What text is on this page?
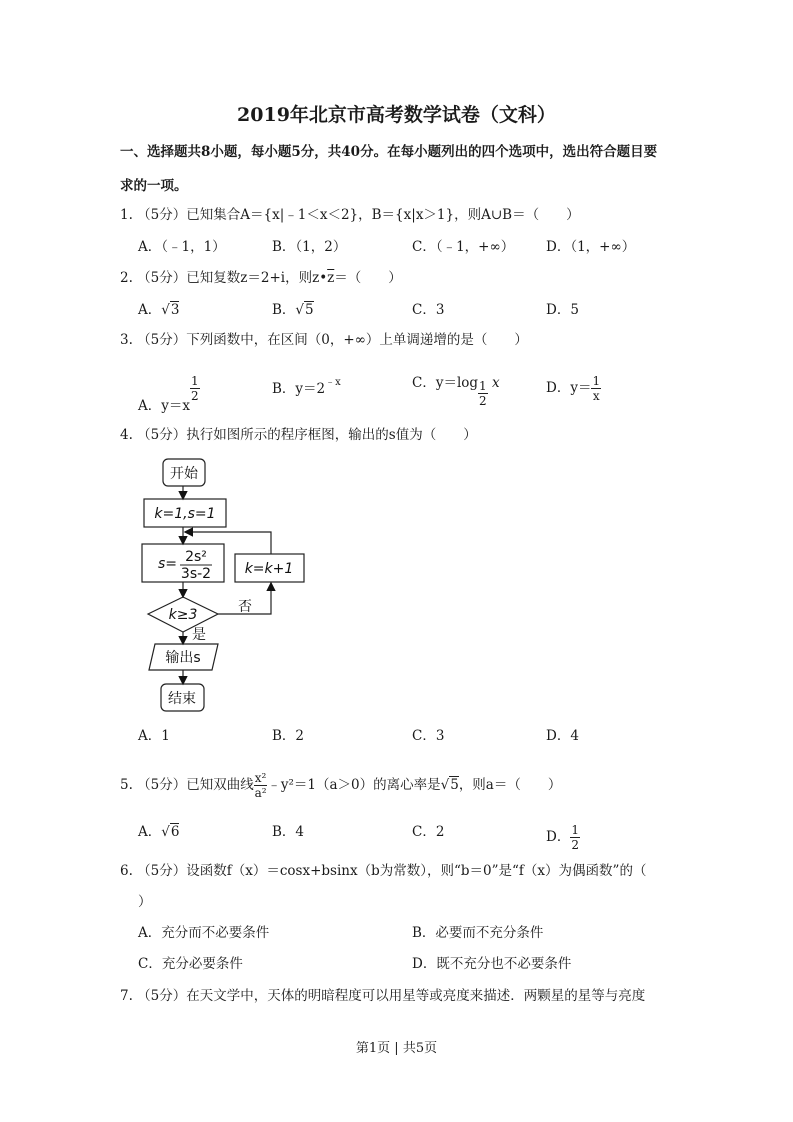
2019年北京市高考数学试卷（文科）
一、选择题共8小题，每小题5分，共40分。在每小题列出的四个选项中，选出符合题目要
求的一项。
1. （5分）已知集合A＝{x|﹣1＜x＜2}，B＝{x|x＞1}，则A∪B＝（　　）
A．（﹣1，1）	B．（1，2）	C．（﹣1，+∞） D．（1，+∞）
2. （5分）已知复数z＝2+i，则$z•\overline{z}=$（　　）
A．√3	B．√5	C．3	D．5
3. （5分）下列函数中，在区间（0，+∞）上单调递增的是（　　）
A．y＝x
$\frac{1}{2}$	B．$y=2^{﹣x}$	C．$y=\log \frac{1}{2}$ x	D．$y= \frac{1}{x}$
4. （5分）执行如图所示的程序框图，输出的s值为（　　）
开始
k=1,s=1
s= 2s²
3s-2 k=k+1
k≥3	否
是
输出s
结束
A．1	B．2	C．3	D．4
5. （5分）已知双曲线 $\frac{\text{x²}}{\text{a²}}$ ﹣y²＝1（a＞0）的离心率是√5，则a＝（　　）
A．√6	B．4	C．2	D． $\frac{1}{2}$
6. （5分）设函数f（x）＝cosx+bsinx（b为常数），则“b＝0”是“f（x）为偶函数”的（
）
A．充分而不必要条件	B．必要而不充分条件
C．充分必要条件	D．既不充分也不必要条件
7. （5分）在天文学中，天体的明暗程度可以用星等或亮度来描述．两颗星的星等与亮度
第1页 | 共5页
